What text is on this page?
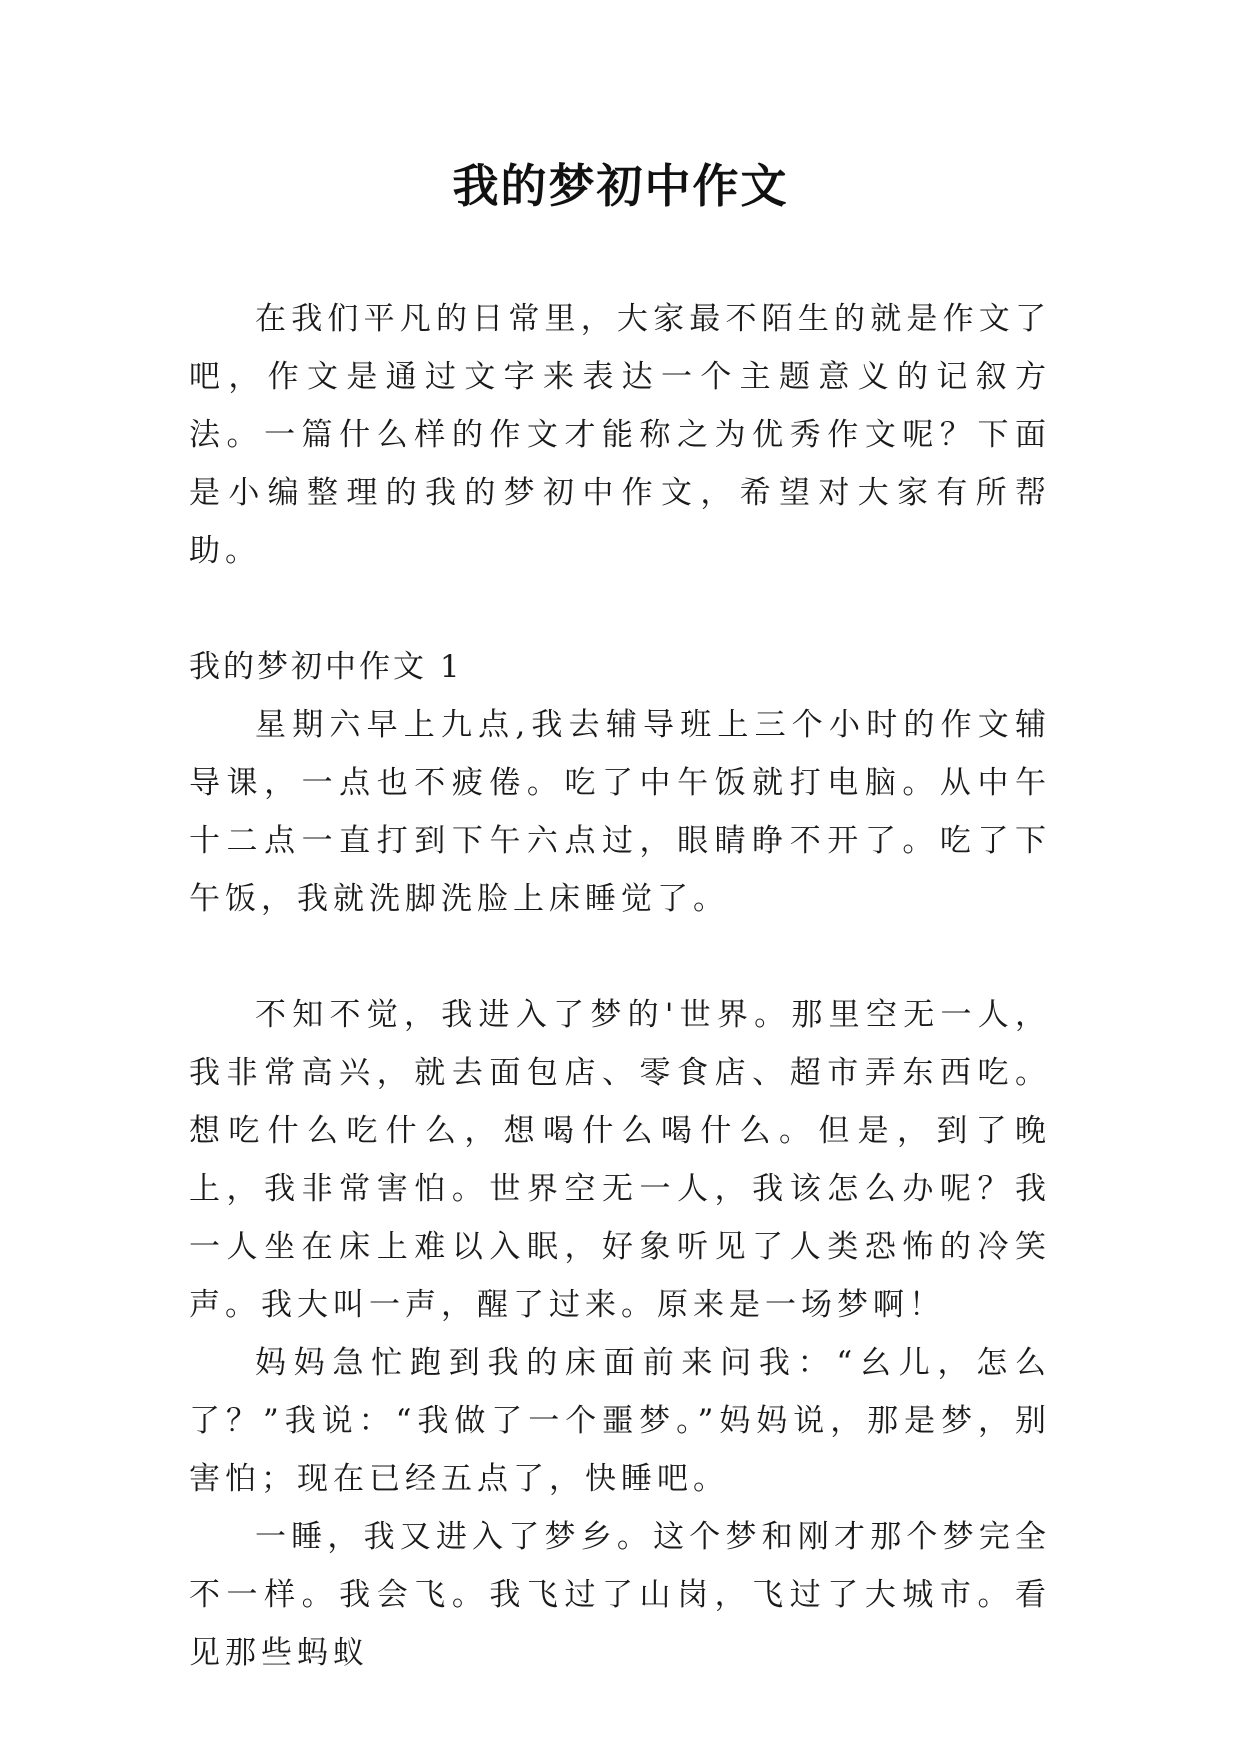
我的梦初中作文

在我们平凡的日常里，大家最不陌生的就是作文了吧，作文是通过文字来表达一个主题意义的记叙方法。一篇什么样的作文才能称之为优秀作文呢？下面是小编整理的我的梦初中作文，希望对大家有所帮助。

我的梦初中作文 1

星期六早上九点,我去辅导班上三个小时的作文辅导课，一点也不疲倦。吃了中午饭就打电脑。从中午十二点一直打到下午六点过，眼睛睁不开了。吃了下午饭，我就洗脚洗脸上床睡觉了。

不知不觉，我进入了梦的'世界。那里空无一人，我非常高兴，就去面包店、零食店、超市弄东西吃。想吃什么吃什么，想喝什么喝什么。但是，到了晚上，我非常害怕。世界空无一人，我该怎么办呢？我一人坐在床上难以入眠，好象听见了人类恐怖的冷笑声。我大叫一声，醒了过来。原来是一场梦啊！

妈妈急忙跑到我的床面前来问我：“幺儿，怎么了？”我说：“我做了一个噩梦。”妈妈说，那是梦，别害怕；现在已经五点了，快睡吧。

一睡，我又进入了梦乡。这个梦和刚才那个梦完全不一样。我会飞。我飞过了山岗，飞过了大城市。看见那些蚂蚁
